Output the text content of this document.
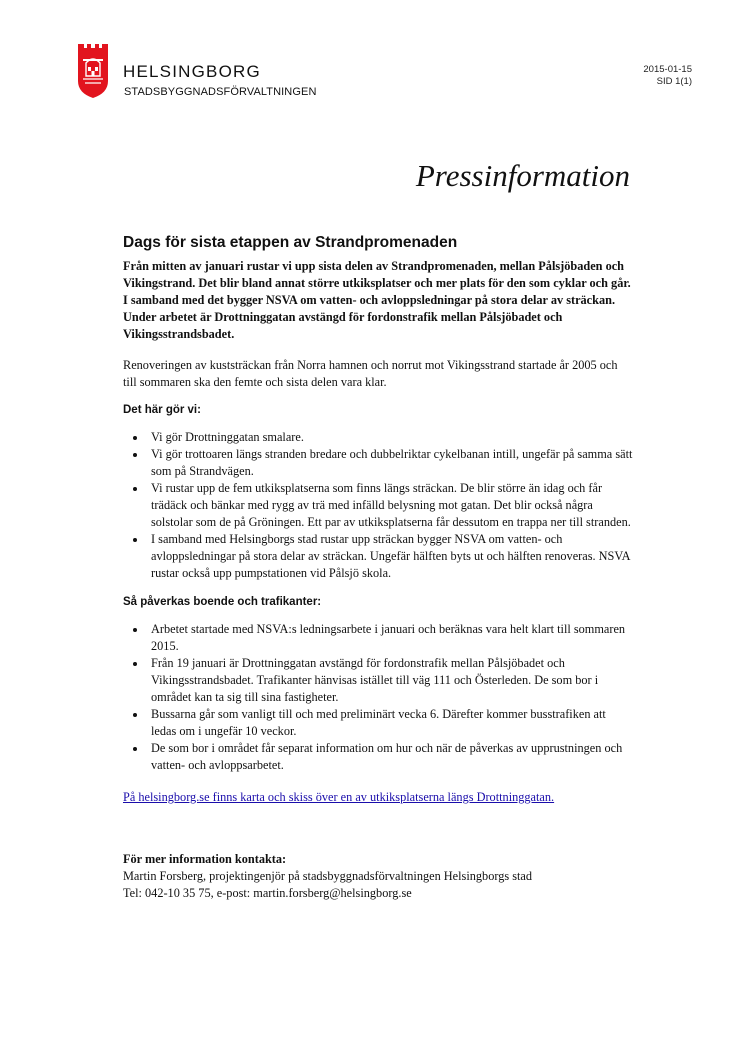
HELSINGBORG
STADSBYGGNADSFÖRVALTNINGEN
2015-01-15
SID 1(1)
Pressinformation
Dags för sista etappen av Strandpromenaden

Från mitten av januari rustar vi upp sista delen av Strandpromenaden, mellan Pålsjöbaden och Vikingstrand. Det blir bland annat större utkiksplatser och mer plats för den som cyklar och går. I samband med det bygger NSVA om vatten- och avloppsledningar på stora delar av sträckan. Under arbetet är Drottninggatan avstängd för fordonstrafik mellan Pålsjöbadet och Vikingsstrandsbadet.

Renoveringen av kuststräckan från Norra hamnen och norrut mot Vikingsstrand startade år 2005 och till sommaren ska den femte och sista delen vara klar.

Det här gör vi:
• Vi gör Drottninggatan smalare.
• Vi gör trottoaren längs stranden bredare och dubbelriktar cykelbanan intill, ungefär på samma sätt som på Strandvägen.
• Vi rustar upp de fem utkiksplatserna som finns längs sträckan. De blir större än idag och får trädäck och bänkar med rygg av trä med infälld belysning mot gatan. Det blir också några solstolar som de på Gröningen. Ett par av utkiksplatserna får dessutom en trappa ner till stranden.
• I samband med Helsingborgs stad rustar upp sträckan bygger NSVA om vatten- och avloppsledningar på stora delar av sträckan. Ungefär hälften byts ut och hälften renoveras. NSVA rustar också upp pumpstationen vid Pålsjö skola.
Så påverkas boende och trafikanter:
• Arbetet startade med NSVA:s ledningsarbete i januari och beräknas vara helt klart till sommaren 2015.
• Från 19 januari är Drottninggatan avstängd för fordonstrafik mellan Pålsjöbadet och Vikingsstrandsbadet. Trafikanter hänvisas istället till väg 111 och Österleden. De som bor i området kan ta sig till sina fastigheter.
• Bussarna går som vanligt till och med preliminärt vecka 6. Därefter kommer busstrafiken att ledas om i ungefär 10 veckor.
• De som bor i området får separat information om hur och när de påverkas av upprustningen och vatten- och avloppsarbetet.
På helsingborg.se finns karta och skiss över en av utkiksplatserna längs Drottninggatan.

För mer information kontakta:

Martin Forsberg, projektingenjör på stadsbyggnadsförvaltningen Helsingborgs stad

Tel: 042-10 35 75, e-post: martin.forsberg@helsingborg.se
